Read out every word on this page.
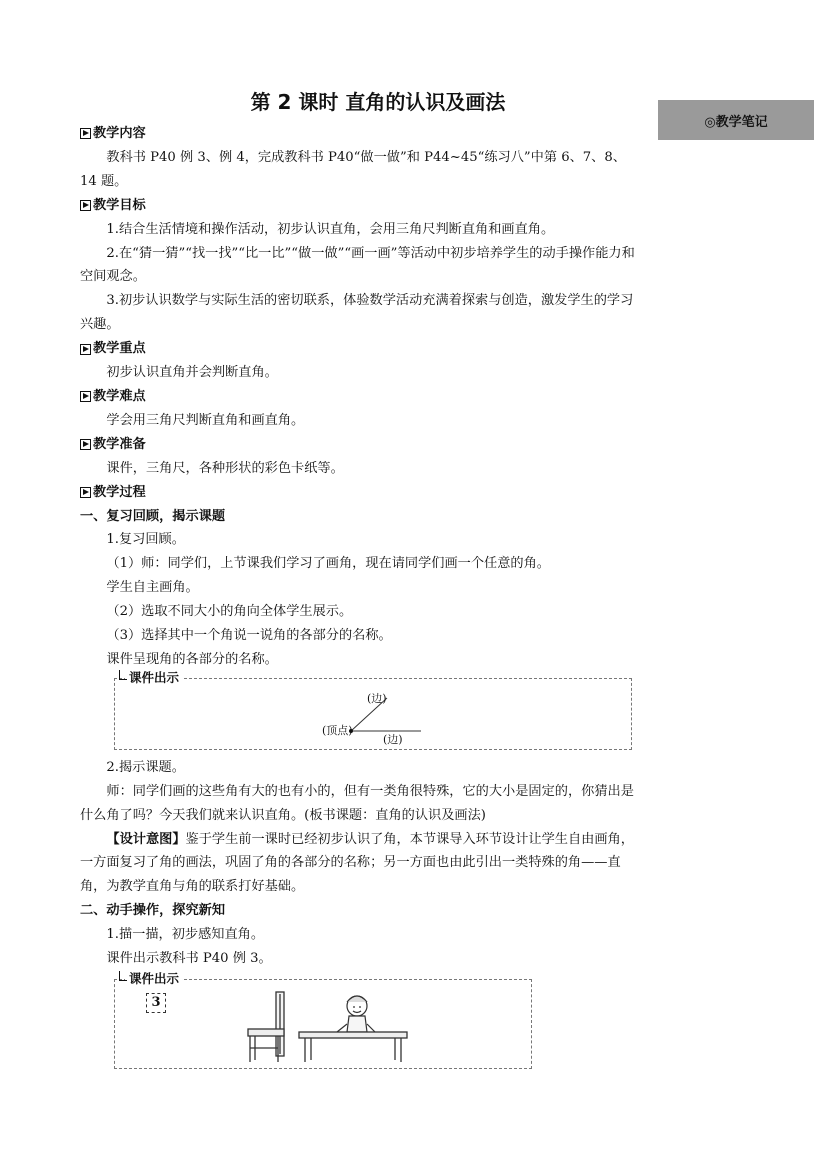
第 2 课时 直角的认识及画法
◎教学笔记

教学内容

教科书 P40 例 3、例 4，完成教科书 P40“做一做”和 P44~45“练习八”中第 6、7、8、14 题。

教学目标

1.结合生活情境和操作活动，初步认识直角，会用三角尺判断直角和画直角。

2.在“猜一猜”“找一找”“比一比”“做一做”“画一画”等活动中初步培养学生的动手操作能力和空间观念。

3.初步认识数学与实际生活的密切联系，体验数学活动充满着探索与创造，激发学生的学习兴趣。

教学重点

初步认识直角并会判断直角。

教学难点

学会用三角尺判断直角和画直角。

教学准备

课件，三角尺，各种形状的彩色卡纸等。

教学过程

一、复习回顾，揭示课题

1.复习回顾。

（1）师：同学们，上节课我们学习了画角，现在请同学们画一个任意的角。

学生自主画角。

（2）选取不同大小的角向全体学生展示。

（3）选择其中一个角说一说角的各部分的名称。

课件呈现角的各部分的名称。

课件出示
(边)
(顶点)
(边)

2.揭示课题。

师：同学们画的这些角有大的也有小的，但有一类角很特殊，它的大小是固定的，你猜出是什么角了吗？今天我们就来认识直角。(板书课题：直角的认识及画法)

【设计意图】鉴于学生前一课时已经初步认识了角，本节课导入环节设计让学生自由画角，一方面复习了角的画法，巩固了角的各部分的名称；另一方面也由此引出一类特殊的角——直角，为教学直角与角的联系打好基础。

二、动手操作，探究新知

1.描一描，初步感知直角。

课件出示教科书 P40 例 3。

课件出示
3
